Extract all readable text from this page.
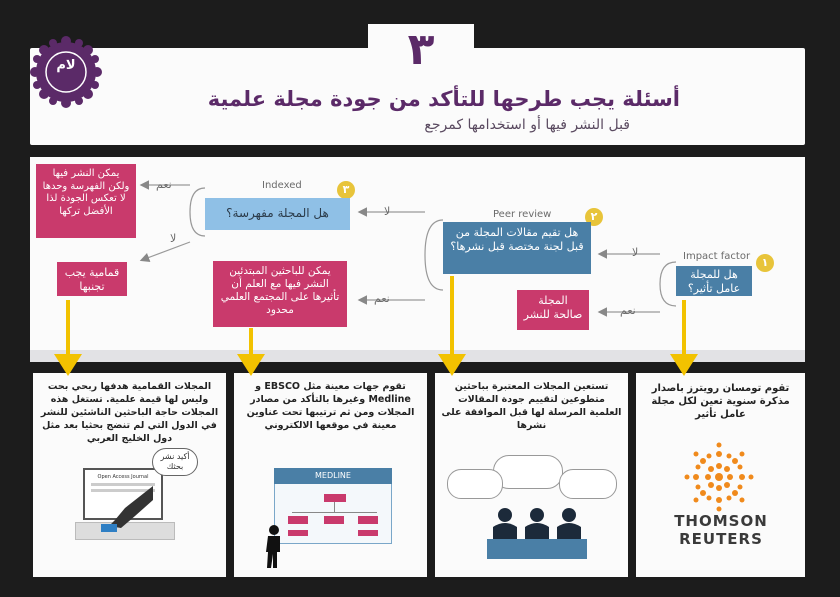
٣
لام
أسئلة يجب طرحها للتأكد من جودة مجلة علمية
قبل النشر فيها أو استخدامها كمرجع
Impact factor	١
هل للمجلة عامل تأثير؟
Peer review	٢
هل تقيم مقالات المجلة من قبل لجنة مختصة قبل نشرها؟
المجلة صالحة للنشر
Indexed	٣
هل المجلة مفهرسة؟
يمكن النشر فيها ولكن الفهرسة وحدها لا تعكس الجودة لذا الأفضل تركها
قمامية يجب تجنبها
يمكن للباحثين المبتدئين النشر فيها مع العلم أن تأثيرها على المجتمع العلمي محدود
لا
نعم
لا
نعم
نعم
لا
المجلات القمامية هدفها ربحي بحت وليس لها قيمة علمية. تستغل هذه المجلات حاجة الباحثين الناشئين للنشر في الدول التي لم تنضج بحثيا بعد مثل دول الخليج العربي
تقوم جهات معينة مثل EBSCO و Medline وغيرها بالتأكد من مصادر المجلات ومن ثم ترتيبها تحت عناوين معينة في موقعها الالكتروني
تستعين المجلات المعتبرة بباحثين متطوعين لتقييم جودة المقالات العلمية المرسلة لها قبل الموافقة على نشرها
تقوم تومسان رويترز باصدار مذكرة سنوية تعين لكل مجلة عامل تأثير
Open Access Journal
أكيد نشر بحثك
MEDLINE
THOMSON
REUTERS
